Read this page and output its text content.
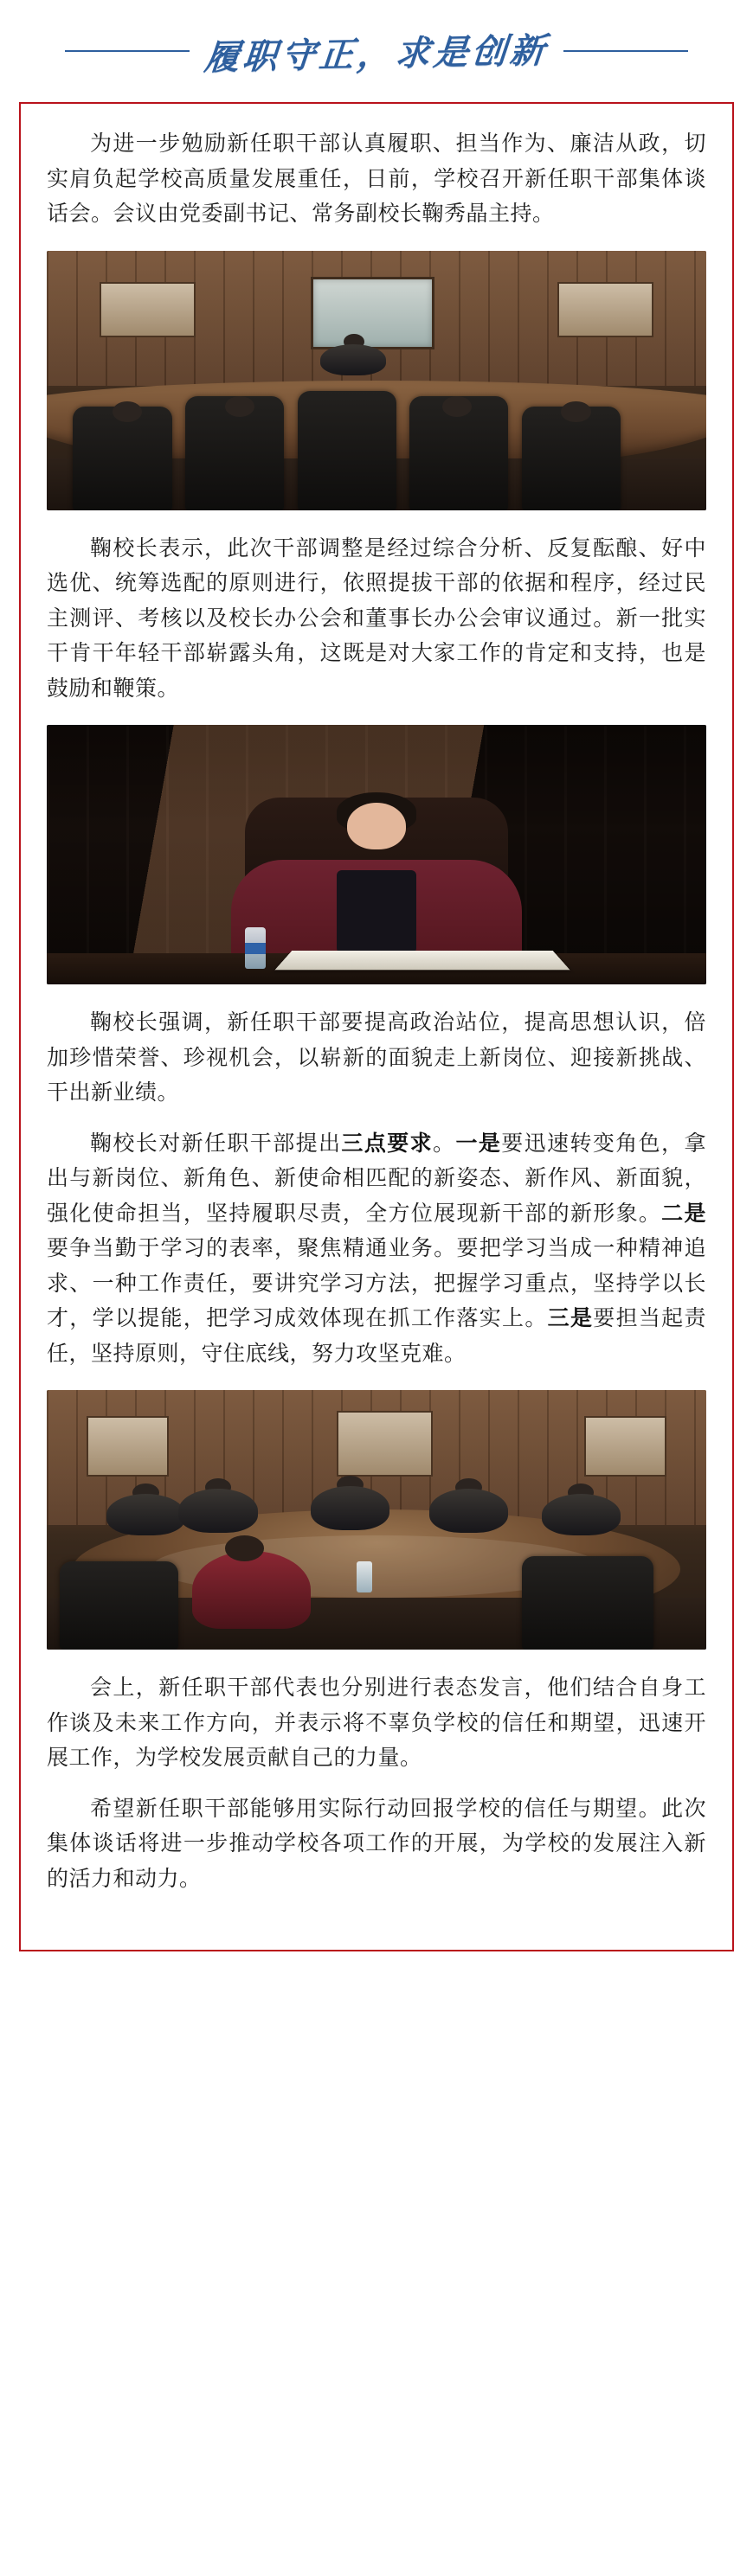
履职守正，求是创新

为进一步勉励新任职干部认真履职、担当作为、廉洁从政，切实肩负起学校高质量发展重任，日前，学校召开新任职干部集体谈话会。会议由党委副书记、常务副校长鞠秀晶主持。

鞠校长表示，此次干部调整是经过综合分析、反复酝酿、好中选优、统筹选配的原则进行，依照提拔干部的依据和程序，经过民主测评、考核以及校长办公会和董事长办公会审议通过。新一批实干肯干年轻干部崭露头角，这既是对大家工作的肯定和支持，也是鼓励和鞭策。

鞠校长强调，新任职干部要提高政治站位，提高思想认识，倍加珍惜荣誉、珍视机会，以崭新的面貌走上新岗位、迎接新挑战、干出新业绩。

鞠校长对新任职干部提出三点要求。一是要迅速转变角色，拿出与新岗位、新角色、新使命相匹配的新姿态、新作风、新面貌，强化使命担当，坚持履职尽责，全方位展现新干部的新形象。二是要争当勤于学习的表率，聚焦精通业务。要把学习当成一种精神追求、一种工作责任，要讲究学习方法，把握学习重点，坚持学以长才，学以提能，把学习成效体现在抓工作落实上。三是要担当起责任，坚持原则，守住底线，努力攻坚克难。

会上，新任职干部代表也分别进行表态发言，他们结合自身工作谈及未来工作方向，并表示将不辜负学校的信任和期望，迅速开展工作，为学校发展贡献自己的力量。

希望新任职干部能够用实际行动回报学校的信任与期望。此次集体谈话将进一步推动学校各项工作的开展，为学校的发展注入新的活力和动力。
